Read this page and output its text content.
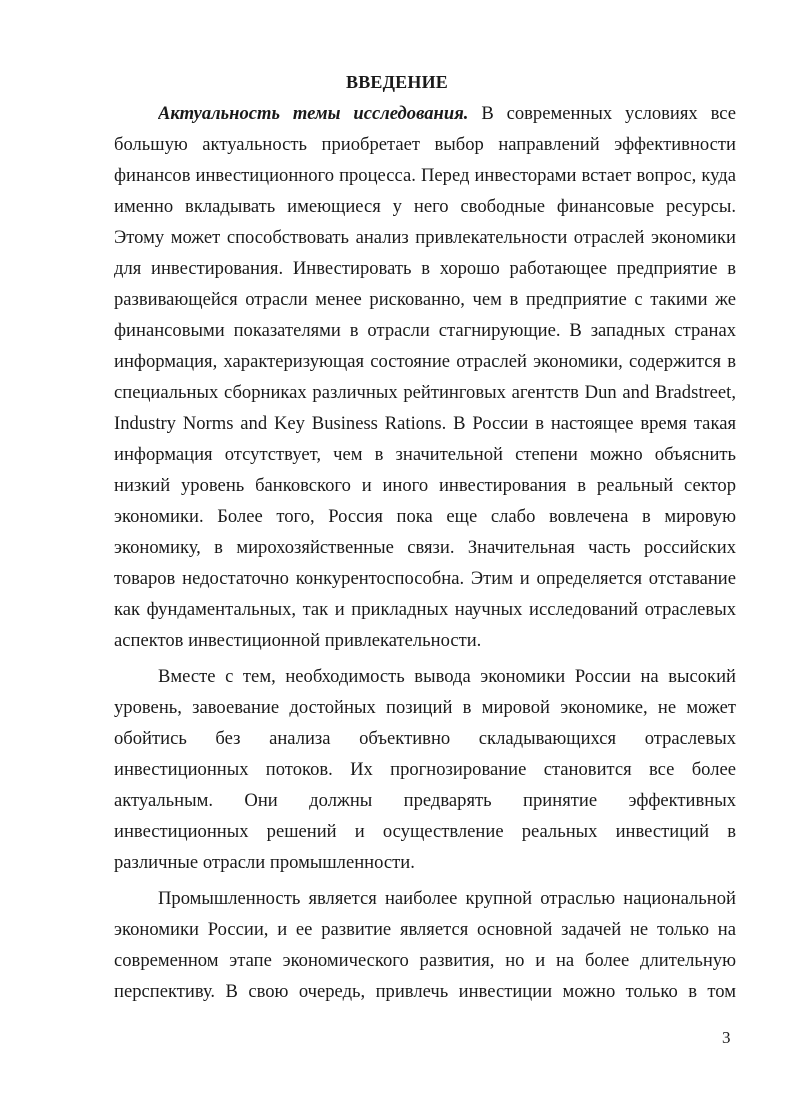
ВВЕДЕНИЕ
Актуальность темы исследования. В современных условиях все
большую актуальность приобретает выбор направлений эффективности
финансов инвестиционного процесса. Перед инвесторами встает вопрос, куда
именно вкладывать имеющиеся у него свободные финансовые ресурсы.
Этому может способствовать анализ привлекательности отраслей экономики
для инвестирования. Инвестировать в хорошо работающее предприятие в
развивающейся отрасли менее рискованно, чем в предприятие с такими же
финансовыми показателями в отрасли стагнирующие. В западных странах
информация, характеризующая состояние отраслей экономики, содержится в
специальных сборниках различных рейтинговых агентств Dun and Bradstreet,
Industry Norms and Key Business Rations. В России в настоящее время такая
информация отсутствует, чем в значительной степени можно объяснить
низкий уровень банковского и иного инвестирования в реальный сектор
экономики. Более того, Россия пока еще слабо вовлечена в мировую
экономику, в мирохозяйственные связи. Значительная часть российских
товаров недостаточно конкурентоспособна. Этим и определяется отставание
как фундаментальных, так и прикладных научных исследований отраслевых
аспектов инвестиционной привлекательности.
Вместе с тем, необходимость вывода экономики России на высокий
уровень, завоевание достойных позиций в мировой экономике, не может
обойтись без анализа объективно складывающихся отраслевых
инвестиционных потоков. Их прогнозирование становится все более
актуальным. Они должны предварять принятие эффективных
инвестиционных решений и осуществление реальных инвестиций в
различные отрасли промышленности.
Промышленность является наиболее крупной отраслью национальной
экономики России, и ее развитие является основной задачей не только на
современном этапе экономического развития, но и на более длительную
перспективу. В свою очередь, привлечь инвестиции можно только в том
3
